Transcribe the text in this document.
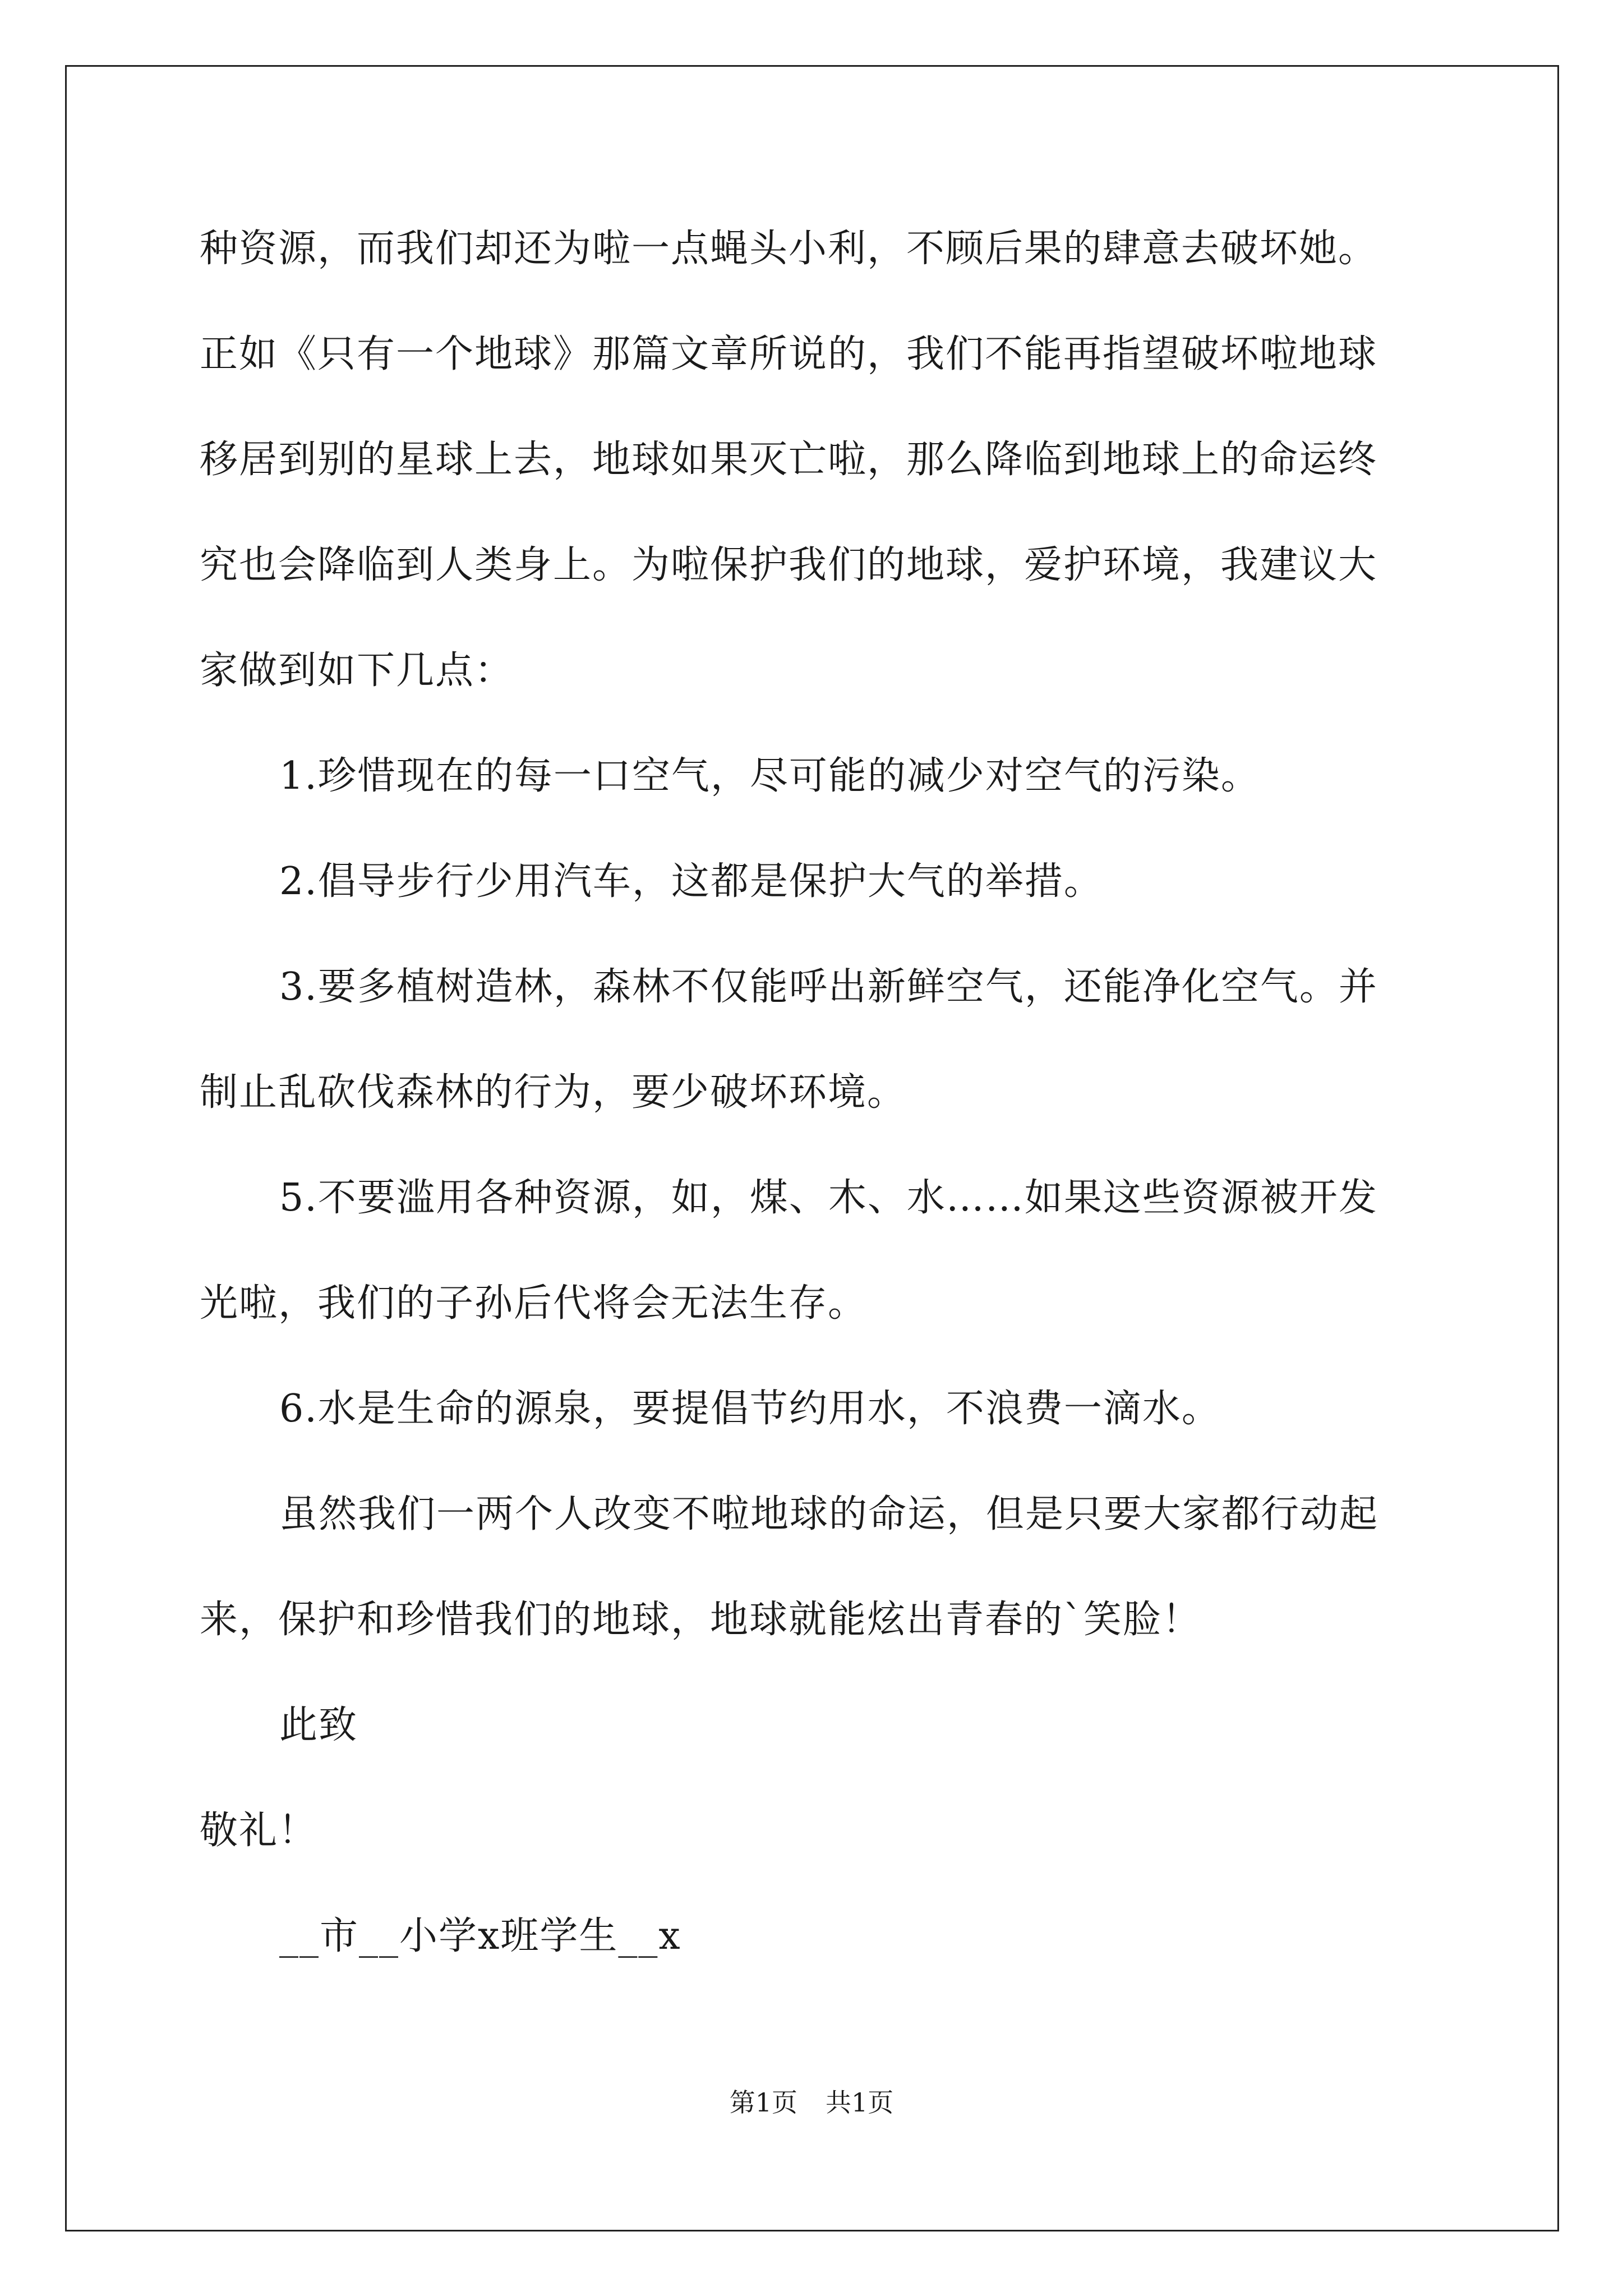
种资源，而我们却还为啦一点蝇头小利，不顾后果的肆意去破坏她。
正如《只有一个地球》那篇文章所说的，我们不能再指望破坏啦地球
移居到别的星球上去，地球如果灭亡啦，那么降临到地球上的命运终
究也会降临到人类身上。为啦保护我们的地球，爱护环境，我建议大
家做到如下几点：
1.珍惜现在的每一口空气，尽可能的减少对空气的污染。
2.倡导步行少用汽车，这都是保护大气的举措。
3.要多植树造林，森林不仅能呼出新鲜空气，还能净化空气。并
制止乱砍伐森林的行为，要少破坏环境。
5.不要滥用各种资源，如，煤、木、水……如果这些资源被开发
光啦，我们的子孙后代将会无法生存。
6.水是生命的源泉，要提倡节约用水，不浪费一滴水。
虽然我们一两个人改变不啦地球的命运，但是只要大家都行动起
来，保护和珍惜我们的地球，地球就能炫出青春的`笑脸！
此致
敬礼！
__市__小学x班学生__x
第1页 共1页
